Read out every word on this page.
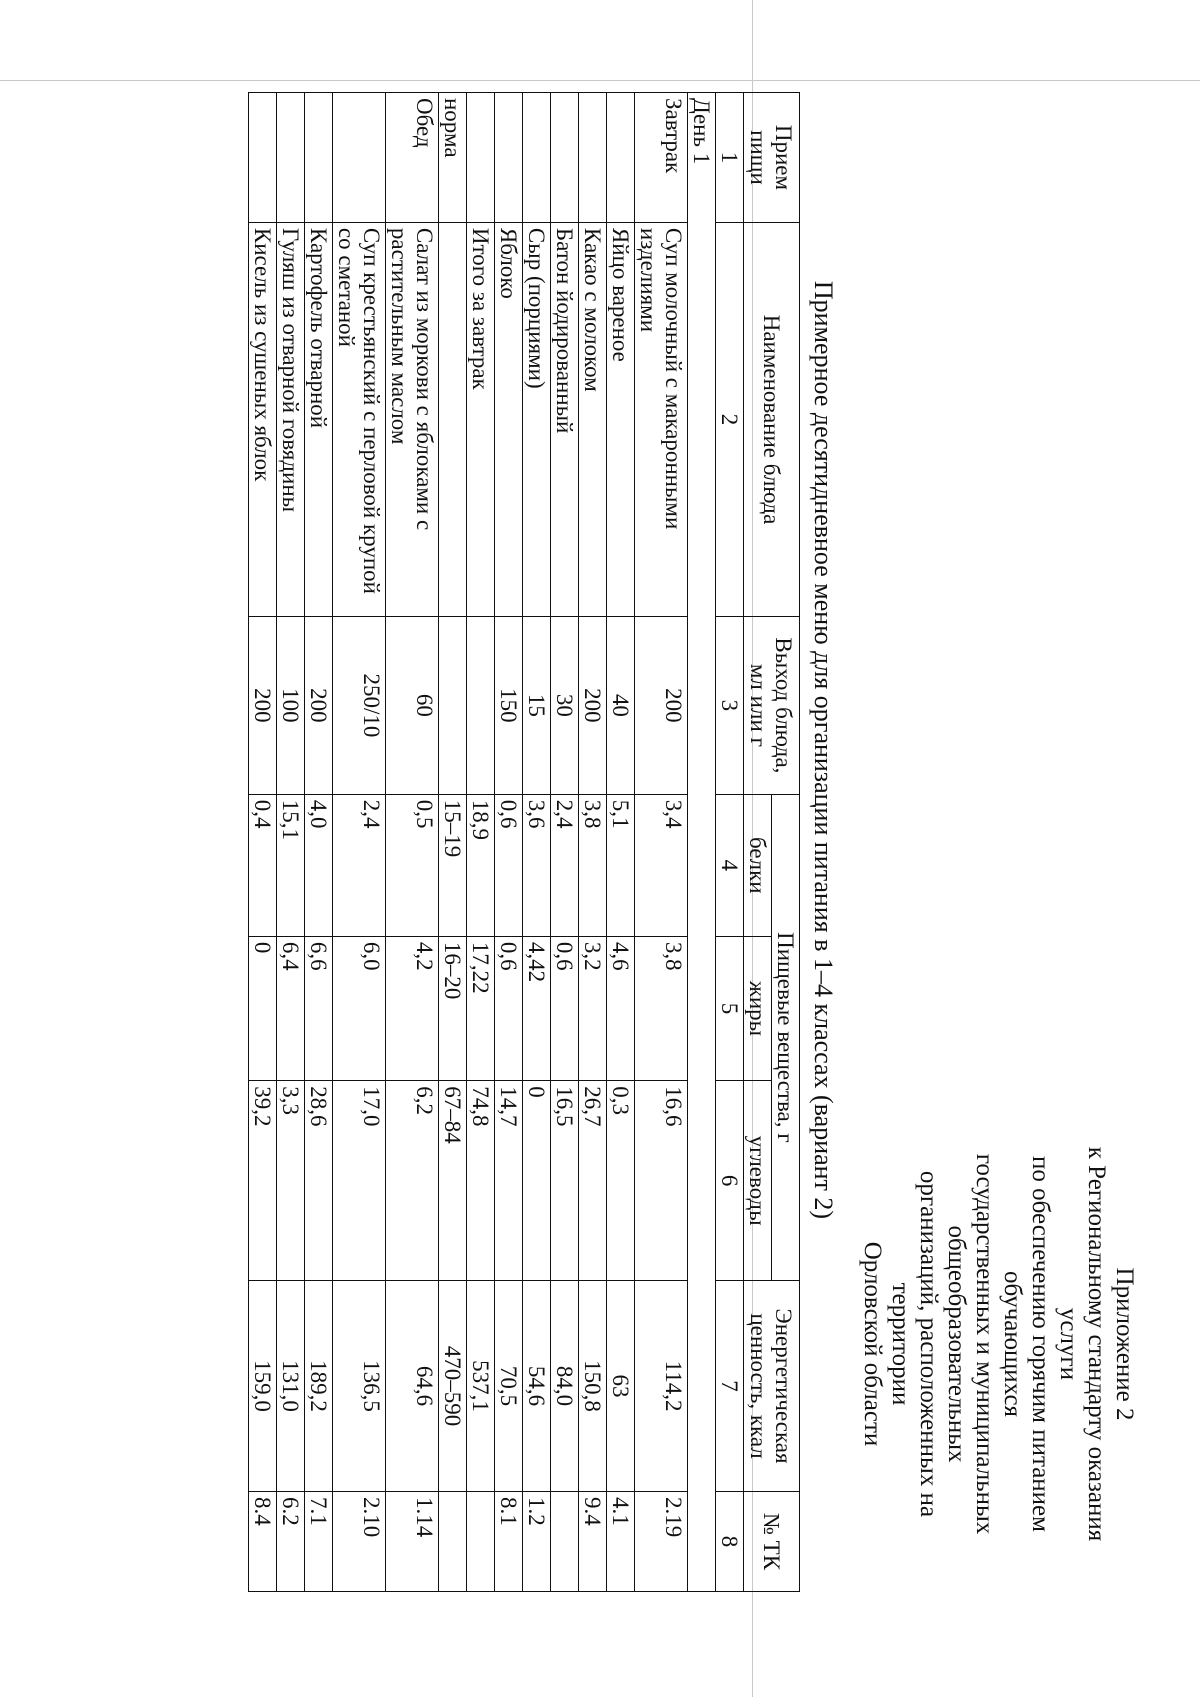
Приложение 2
к Региональному стандарту оказания услуги
по обеспечению горячим питанием обучающихся
государственных и муниципальных общеобразовательных
организаций, расположенных на территории
Орловской области
Примерное десятидневное меню для организации питания в 1–4 классах (вариант 2)
Прием пищи	Наименование блюда	Выход блюда, мл или г	Пищевые вещества, г			Энергетическая ценность, ккал	№ ТК
			белки	жиры	углеводы		
1	2	3	4	5	6	7	8
День 1							
Завтрак	Суп молочный с макаронными изделиями	200	3,4	3,8	16,6	114,2	2.19
	Яйцо вареное	40	5,1	4,6	0,3	63	4.1
	Какао с молоком	200	3,8	3,2	26,7	150,8	9.4
	Батон йодированный	30	2,4	0,6	16,5	84,0	
	Сыр (порциями)	15	3,6	4,42	0	54,6	1.2
	Яблоко	150	0,6	0,6	14,7	70,5	8.1
	Итого за завтрак		18,9	17,22	74,8	537,1	
норма			15–19	16–20	67–84	470–590	
Обед	Салат из моркови с яблоками с растительным маслом	60	0,5	4,2	6,2	64,6	1.14
	Суп крестьянский с перловой крупой со сметаной	250/10	2,4	6,0	17,0	136,5	2.10
	Картофель отварной	200	4,0	6,6	28,6	189,2	7.1
	Гуляш из отварной говядины	100	15,1	6,4	3,3	131,0	6.2
	Кисель из сушеных яблок	200	0,4	0	39,2	159,0	8.4
